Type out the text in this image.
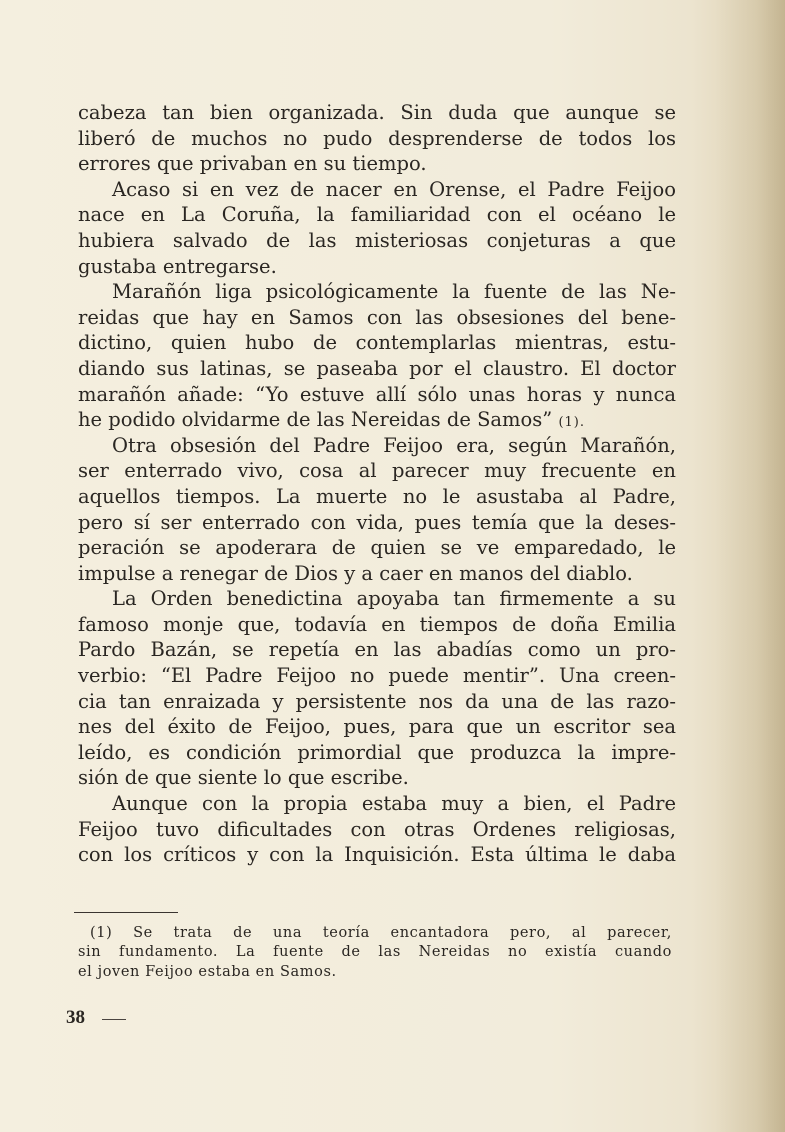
cabeza tan bien organizada. Sin duda que aunque se
liberó de muchos no pudo desprenderse de todos los
errores que privaban en su tiempo.
Acaso si en vez de nacer en Orense, el Padre Feijoo
nace en La Coruña, la familiaridad con el océano le
hubiera salvado de las misteriosas conjeturas a que
gustaba entregarse.
Marañón liga psicológicamente la fuente de las Ne-
reidas que hay en Samos con las obsesiones del bene-
dictino, quien hubo de contemplarlas mientras, estu-
diando sus latinas, se paseaba por el claustro. El doctor
marañón añade: “Yo estuve allí sólo unas horas y nunca
he podido olvidarme de las Nereidas de Samos” (1).
Otra obsesión del Padre Feijoo era, según Marañón,
ser enterrado vivo, cosa al parecer muy frecuente en
aquellos tiempos. La muerte no le asustaba al Padre,
pero sí ser enterrado con vida, pues temía que la deses-
peración se apoderara de quien se ve emparedado, le
impulse a renegar de Dios y a caer en manos del diablo.
La Orden benedictina apoyaba tan firmemente a su
famoso monje que, todavía en tiempos de doña Emilia
Pardo Bazán, se repetía en las abadías como un pro-
verbio: “El Padre Feijoo no puede mentir”. Una creen-
cia tan enraizada y persistente nos da una de las razo-
nes del éxito de Feijoo, pues, para que un escritor sea
leído, es condición primordial que produzca la impre-
sión de que siente lo que escribe.
Aunque con la propia estaba muy a bien, el Padre
Feijoo tuvo dificultades con otras Ordenes religiosas,
con los críticos y con la Inquisición. Esta última le daba
(1) Se trata de una teoría encantadora pero, al parecer,
sin fundamento. La fuente de las Nereidas no existía cuando
el joven Feijoo estaba en Samos.
38
